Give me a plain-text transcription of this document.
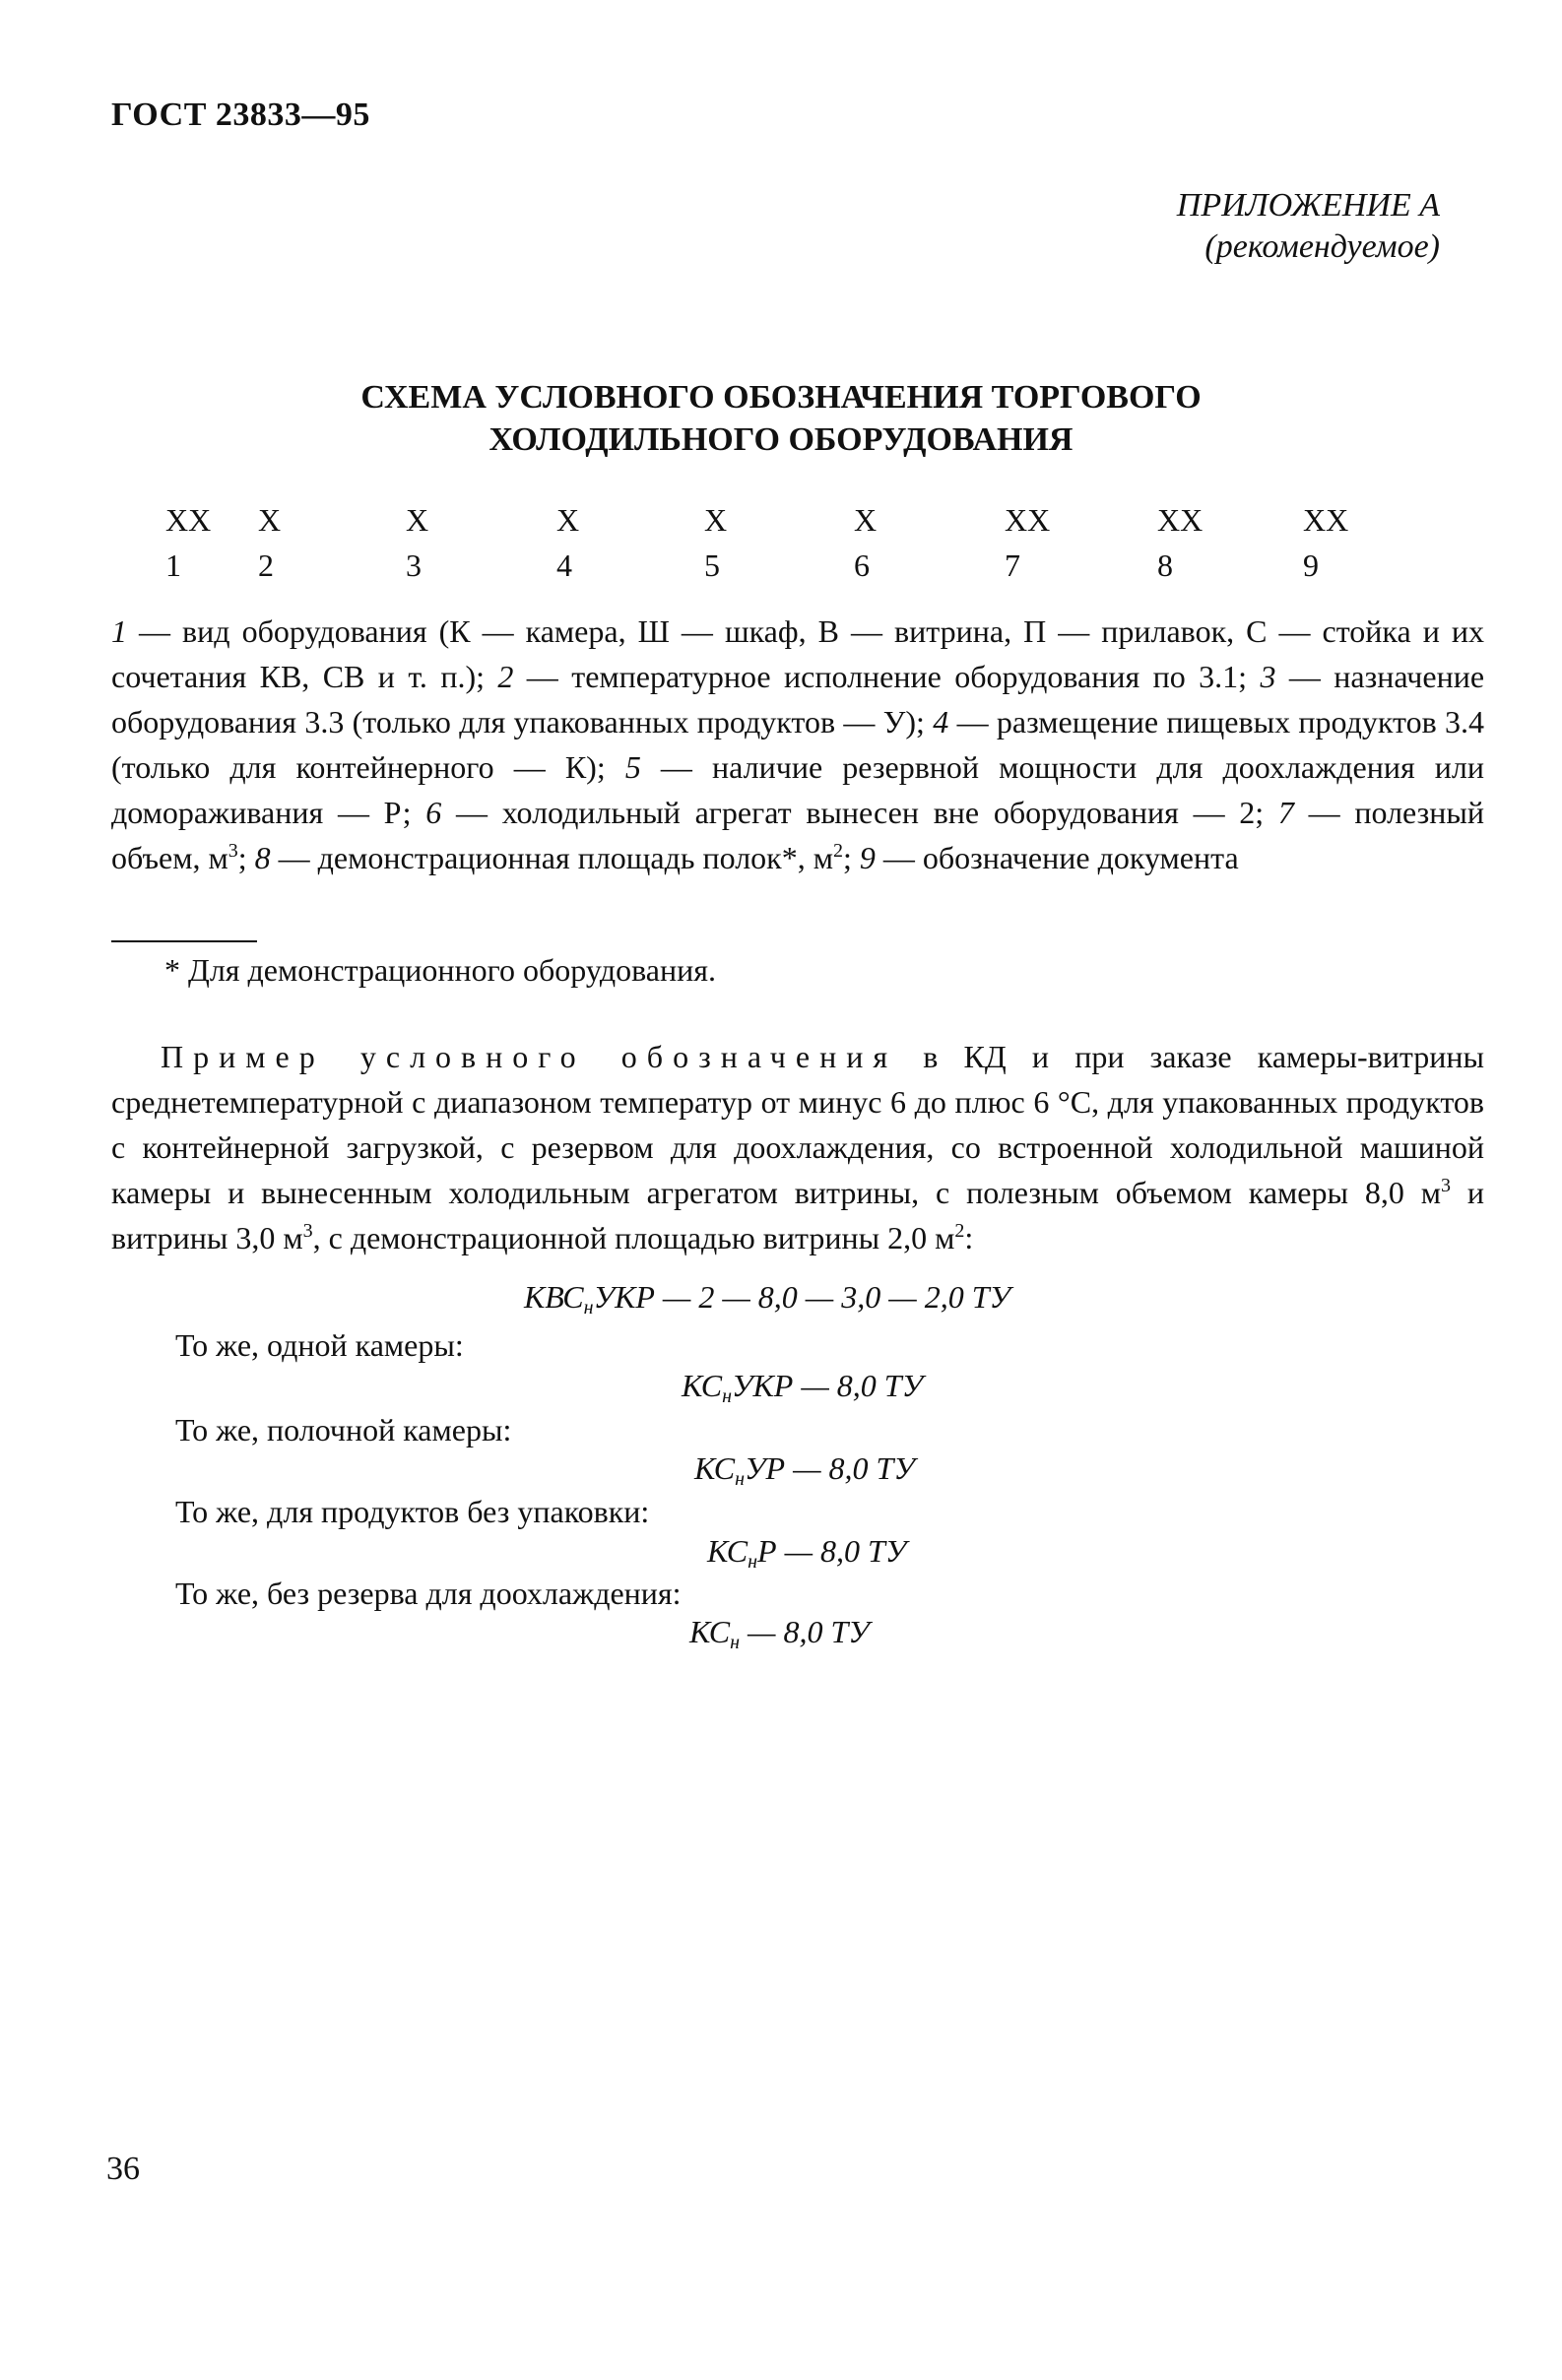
ГОСТ 23833—95
ПРИЛОЖЕНИЕ А
(рекомендуемое)
СХЕМА УСЛОВНОГО ОБОЗНАЧЕНИЯ ТОРГОВОГО
ХОЛОДИЛЬНОГО ОБОРУДОВАНИЯ
XX
1
X
2
X
3
X
4
X
5
X
6
XX
7
XX
8
XX
9

1 — вид оборудования (К — камера, Ш — шкаф, В — витрина, П — прилавок, С — стойка и их сочетания КВ, СВ и т. п.); 2 — температурное исполнение оборудования по 3.1; 3 — назначение оборудования 3.3 (только для упакованных продуктов — У); 4 — размещение пищевых продуктов 3.4 (только для контейнерного — К); 5 — наличие резервной мощности для доохлаждения или домораживания — Р; 6 — холодильный агрегат вынесен вне оборудования — 2; 7 — полезный объем, $м^3$; 8 — демонстрационная площадь полок*, $м^2$; 9 — обозначение документа

* Для демонстрационного оборудования.

Пример условного обозначения в КД и при заказе камеры-витрины среднетемпературной с диапазоном температур от минус 6 до плюс 6 °С, для упакованных продуктов с контейнерной загрузкой, с резервом для доохлаждения, со встроенной холодильной машиной камеры и вынесенным холодильным агрегатом витрины, с полезным объемом камеры 8,0 $м^3$ и витрины 3,0 $м^3$, с демонстрационной площадью витрины 2,0 $м^2$:

$КВС_нУКР$ — 2 — 8,0 — 3,0 — 2,0 ТУ
То же, одной камеры:
$КС_нУКР$ — 8,0 ТУ
То же, полочной камеры:
$КС_нУР$ — 8,0 ТУ
То же, для продуктов без упаковки:
$КС_нР$ — 8,0 ТУ
То же, без резерва для доохлаждения:
$КС_н$ — 8,0 ТУ
36
